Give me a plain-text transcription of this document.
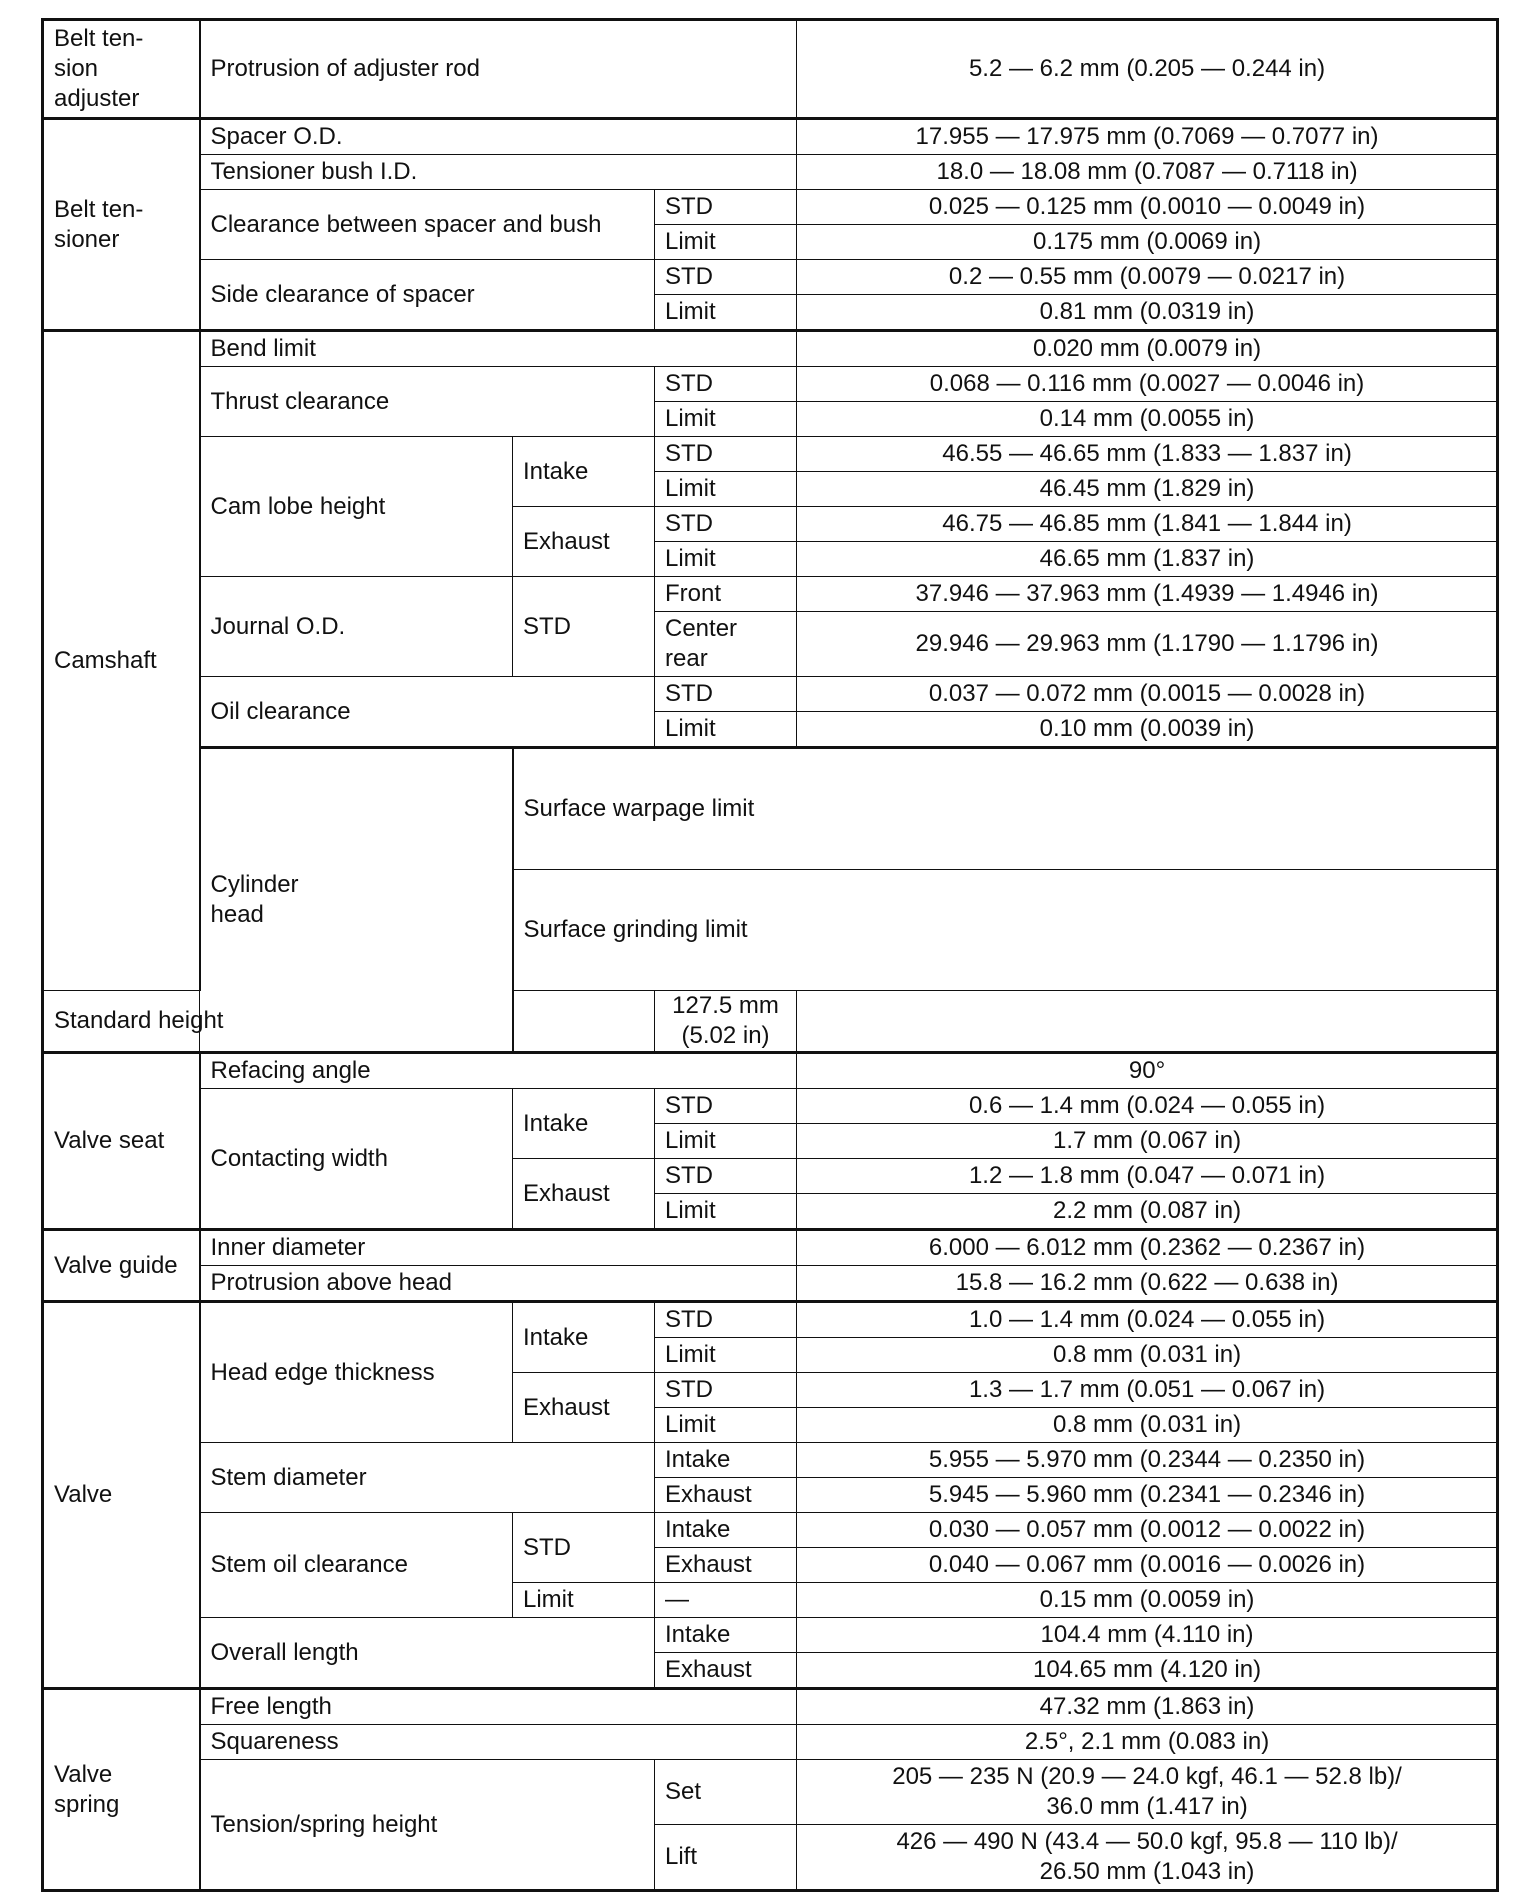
Belt ten-
sion
adjuster	Protrusion of adjuster rod			5.2 — 6.2 mm (0.205 — 0.244 in)	
Belt ten-
sioner	Spacer O.D.			17.955 — 17.975 mm (0.7069 — 0.7077 in)	
	Tensioner bush I.D.			18.0 — 18.08 mm (0.7087 — 0.7118 in)	
	Clearance between spacer and bush		STD	0.025 — 0.125 mm (0.0010 — 0.0049 in)	
			Limit	0.175 mm (0.0069 in)	
	Side clearance of spacer		STD	0.2 — 0.55 mm (0.0079 — 0.0217 in)	
			Limit	0.81 mm (0.0319 in)	
Camshaft	Bend limit			0.020 mm (0.0079 in)	
	Thrust clearance		STD	0.068 — 0.116 mm (0.0027 — 0.0046 in)	
			Limit	0.14 mm (0.0055 in)	
	Cam lobe height	Intake	STD	46.55 — 46.65 mm (1.833 — 1.837 in)	
			Limit	46.45 mm (1.829 in)	
		Exhaust	STD	46.75 — 46.85 mm (1.841 — 1.844 in)	
			Limit	46.65 mm (1.837 in)	
	Journal O.D.	STD	Front	37.946 — 37.963 mm (1.4939 — 1.4946 in)	
			Center
rear	29.946 — 29.963 mm (1.1790 — 1.1796 in)	
	Oil clearance		STD	0.037 — 0.072 mm (0.0015 — 0.0028 in)	
			Limit	0.10 mm (0.0039 in)	
	Cylinder
head	Surface warpage limit	
		Surface grinding limit	
Standard height			127.5 mm (5.02 in)		
Valve seat	Refacing angle			90°	
	Contacting width	Intake	STD	0.6 — 1.4 mm (0.024 — 0.055 in)	
			Limit	1.7 mm (0.067 in)	
		Exhaust	STD	1.2 — 1.8 mm (0.047 — 0.071 in)	
			Limit	2.2 mm (0.087 in)	
Valve guide	Inner diameter			6.000 — 6.012 mm (0.2362 — 0.2367 in)	
	Protrusion above head			15.8 — 16.2 mm (0.622 — 0.638 in)	
Valve	Head edge thickness	Intake	STD	1.0 — 1.4 mm (0.024 — 0.055 in)	
			Limit	0.8 mm (0.031 in)	
		Exhaust	STD	1.3 — 1.7 mm (0.051 — 0.067 in)	
			Limit	0.8 mm (0.031 in)	
	Stem diameter		Intake	5.955 — 5.970 mm (0.2344 — 0.2350 in)	
			Exhaust	5.945 — 5.960 mm (0.2341 — 0.2346 in)	
	Stem oil clearance	STD	Intake	0.030 — 0.057 mm (0.0012 — 0.0022 in)	
			Exhaust	0.040 — 0.067 mm (0.0016 — 0.0026 in)	
		Limit	—	0.15 mm (0.0059 in)	
	Overall length		Intake	104.4 mm (4.110 in)	
			Exhaust	104.65 mm (4.120 in)	
Valve
spring	Free length			47.32 mm (1.863 in)	
	Squareness			2.5°, 2.1 mm (0.083 in)	
	Tension/spring height		Set	205 — 235 N (20.9 — 24.0 kgf, 46.1 — 52.8 lb)/
36.0 mm (1.417 in)	
			Lift	426 — 490 N (43.4 — 50.0 kgf, 95.8 — 110 lb)/
26.50 mm (1.043 in)	
